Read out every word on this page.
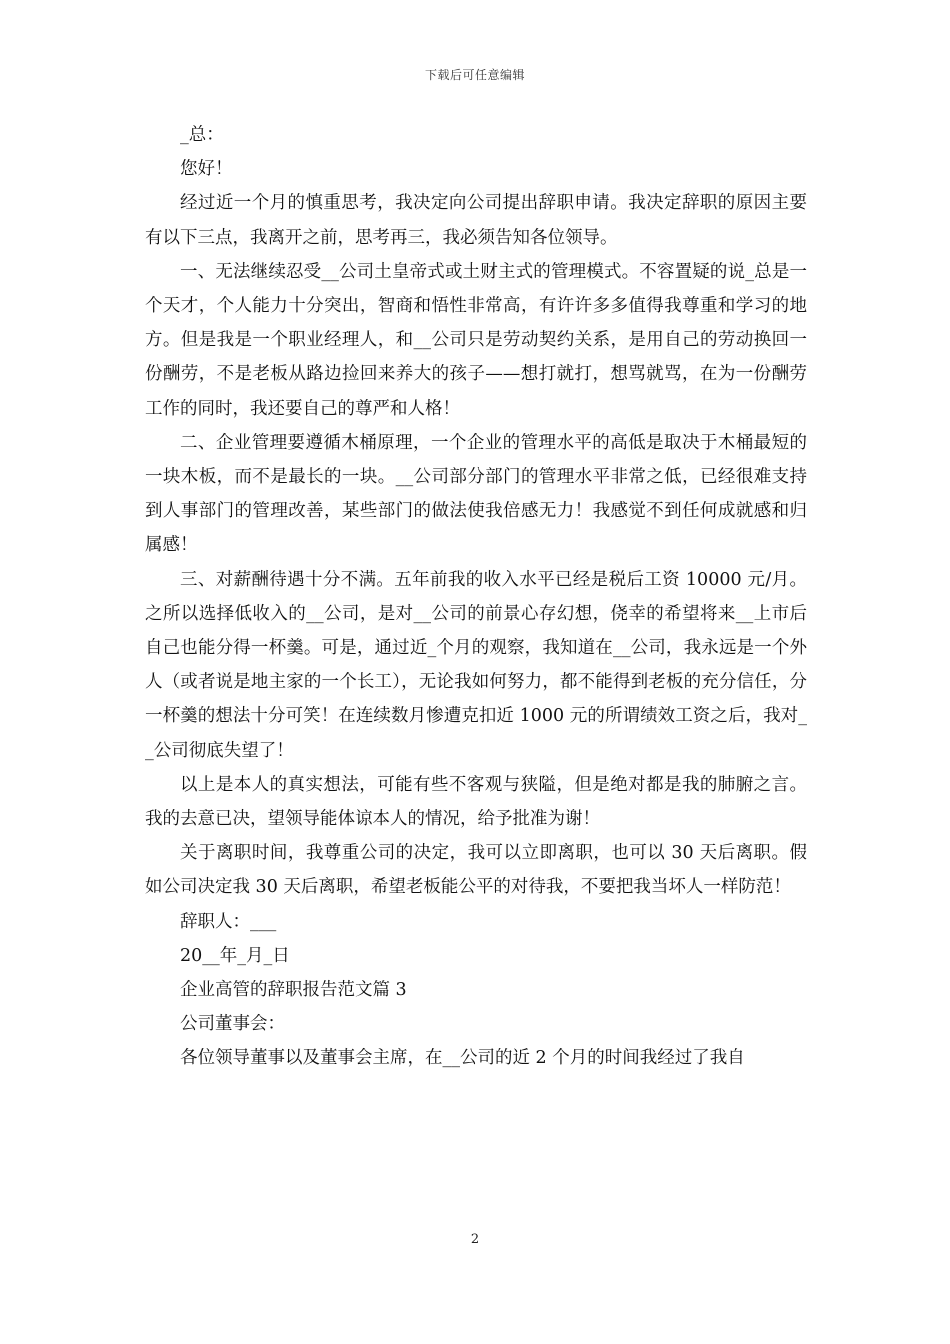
下载后可任意编辑

_总：

您好！

经过近一个月的慎重思考，我决定向公司提出辞职申请。我决定辞职的原因主要有以下三点，我离开之前，思考再三，我必须告知各位领导。

一、无法继续忍受__公司土皇帝式或土财主式的管理模式。不容置疑的说_总是一个天才，个人能力十分突出，智商和悟性非常高，有许许多多值得我尊重和学习的地方。但是我是一个职业经理人，和__公司只是劳动契约关系，是用自己的劳动换回一份酬劳，不是老板从路边捡回来养大的孩子——想打就打，想骂就骂，在为一份酬劳工作的同时，我还要自己的尊严和人格！

二、企业管理要遵循木桶原理，一个企业的管理水平的高低是取决于木桶最短的一块木板，而不是最长的一块。__公司部分部门的管理水平非常之低，已经很难支持到人事部门的管理改善，某些部门的做法使我倍感无力！我感觉不到任何成就感和归属感！

三、对薪酬待遇十分不满。五年前我的收入水平已经是税后工资 10000 元/月。之所以选择低收入的__公司，是对__公司的前景心存幻想，侥幸的希望将来__上市后自己也能分得一杯羹。可是，通过近_个月的观察，我知道在__公司，我永远是一个外人（或者说是地主家的一个长工），无论我如何努力，都不能得到老板的充分信任，分一杯羹的想法十分可笑！在连续数月惨遭克扣近 1000 元的所谓绩效工资之后，我对__公司彻底失望了！

以上是本人的真实想法，可能有些不客观与狭隘，但是绝对都是我的肺腑之言。我的去意已决，望领导能体谅本人的情况，给予批准为谢！

关于离职时间，我尊重公司的决定，我可以立即离职，也可以 30 天后离职。假如公司决定我 30 天后离职，希望老板能公平的对待我，不要把我当坏人一样防范！

辞职人：___

20__年_月_日

企业高管的辞职报告范文篇 3

公司董事会：

各位领导董事以及董事会主席，在__公司的近 2 个月的时间我经过了我自

2
